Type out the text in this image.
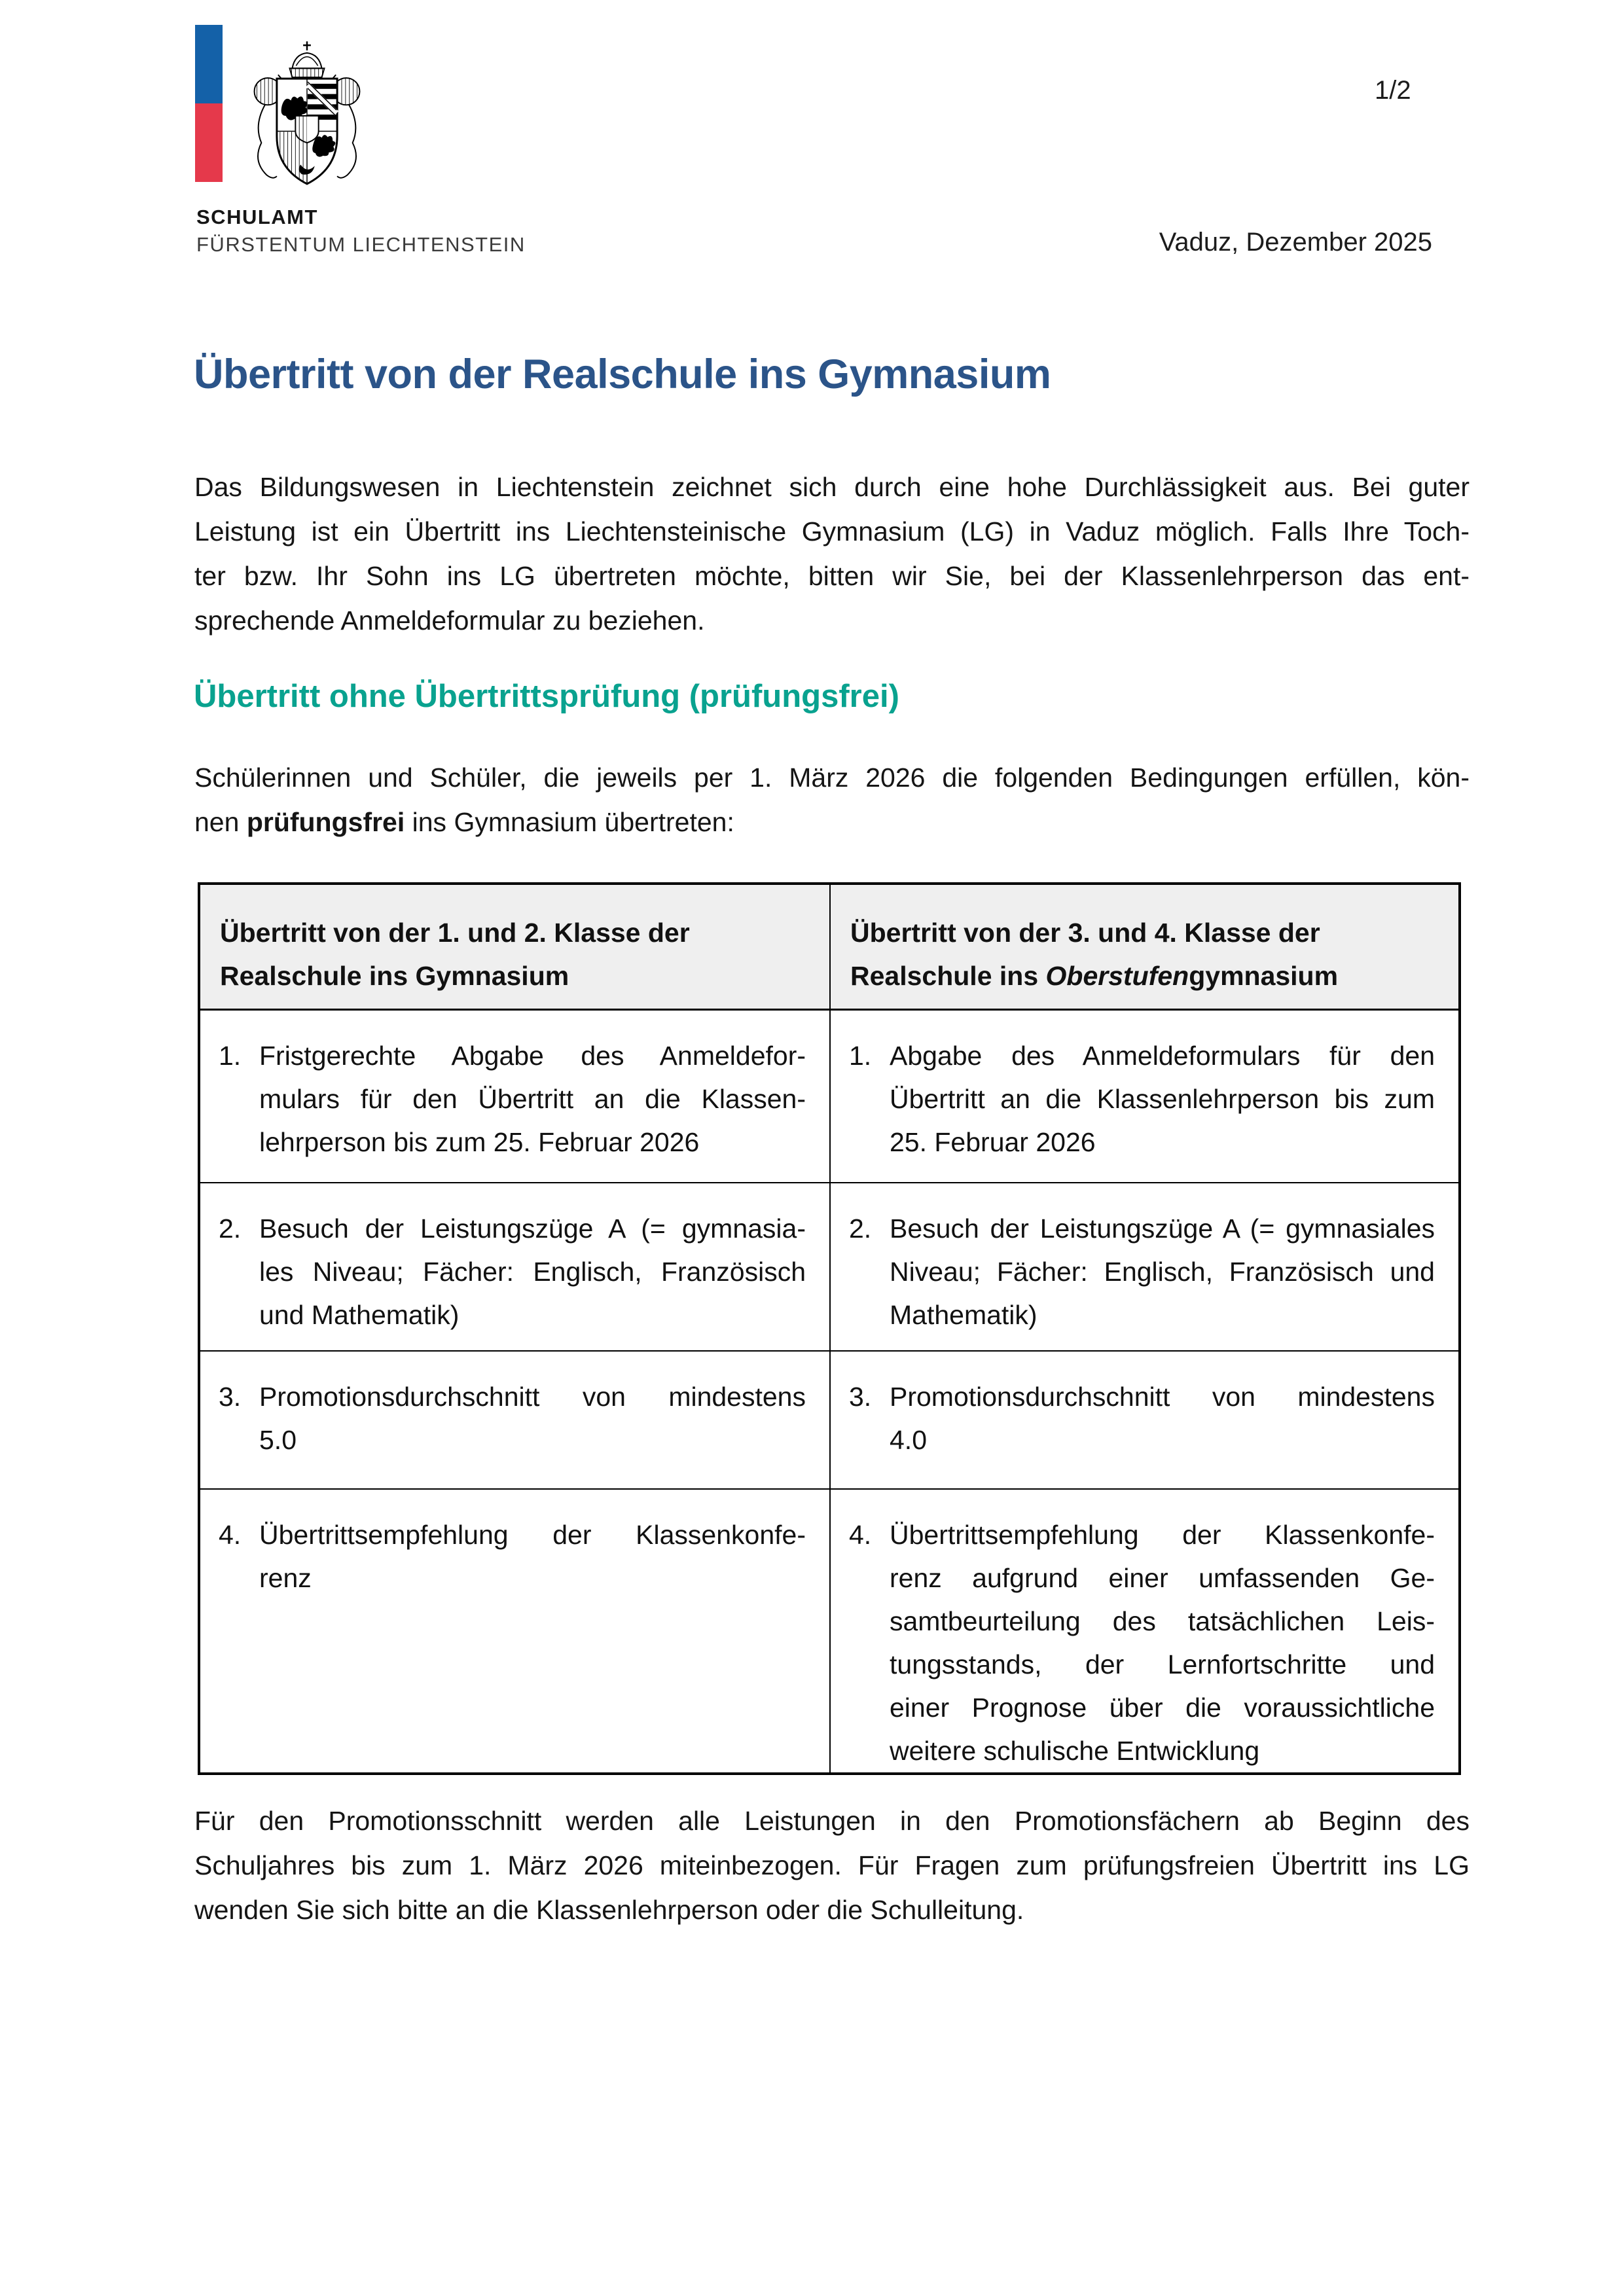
SCHULAMT
FÜRSTENTUM LIECHTENSTEIN
1/2
Vaduz, Dezember 2025
Übertritt von der Realschule ins Gymnasium
Das Bildungswesen in Liechtenstein zeichnet sich durch eine hohe Durchlässigkeit aus. Bei guter
Leistung ist ein Übertritt ins Liechtensteinische Gymnasium (LG) in Vaduz möglich. Falls Ihre Toch-
ter bzw. Ihr Sohn ins LG übertreten möchte, bitten wir Sie, bei der Klassenlehrperson das ent-
sprechende Anmeldeformular zu beziehen.
Übertritt ohne Übertrittsprüfung (prüfungsfrei)
Schülerinnen und Schüler, die jeweils per 1. März 2026 die folgenden Bedingungen erfüllen, kön-
nen prüfungsfrei ins Gymnasium übertreten:
Übertritt von der 1. und 2. Klasse der
Realschule ins Gymnasium
Übertritt von der 3. und 4. Klasse der
Realschule ins Oberstufengymnasium
1. Fristgerechte Abgabe des Anmeldefor-
mulars für den Übertritt an die Klassen-
lehrperson bis zum 25. Februar 2026
1. Abgabe des Anmeldeformulars für den
Übertritt an die Klassenlehrperson bis zum
25. Februar 2026
2. Besuch der Leistungszüge A (= gymnasia-
les Niveau; Fächer: Englisch, Französisch
und Mathematik)
2. Besuch der Leistungszüge A (= gymnasiales
Niveau; Fächer: Englisch, Französisch und
Mathematik)
3. Promotionsdurchschnitt von mindestens
5.0
3. Promotionsdurchschnitt von mindestens
4.0
4. Übertrittsempfehlung der Klassenkonfe-
renz
4. Übertrittsempfehlung der Klassenkonfe-
renz aufgrund einer umfassenden Ge-
samtbeurteilung des tatsächlichen Leis-
tungsstands, der Lernfortschritte und
einer Prognose über die voraussichtliche
weitere schulische Entwicklung
Für den Promotionsschnitt werden alle Leistungen in den Promotionsfächern ab Beginn des
Schuljahres bis zum 1. März 2026 miteinbezogen. Für Fragen zum prüfungsfreien Übertritt ins LG
wenden Sie sich bitte an die Klassenlehrperson oder die Schulleitung.
